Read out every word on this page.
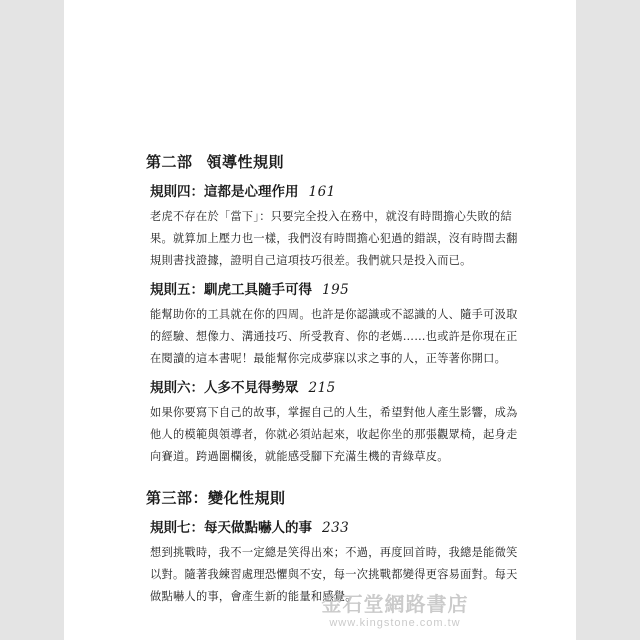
第二部 領導性規則
規則四：這都是心理作用 161

老虎不存在於「當下」：只要完全投入在務中，就沒有時間擔心失敗的結
果。就算加上壓力也一樣，我們沒有時間擔心犯過的錯誤，沒有時間去翻
規則書找證據，證明自己這項技巧很差。我們就只是投入而已。

規則五：馴虎工具隨手可得 195

能幫助你的工具就在你的四周。也許是你認識或不認識的人、隨手可汲取
的經驗、想像力、溝通技巧、所受教育、你的老媽……也或許是你現在正
在閱讀的這本書呢！最能幫你完成夢寐以求之事的人，正等著你開口。

規則六：人多不見得勢眾 215

如果你要寫下自己的故事，掌握自己的人生，希望對他人產生影響，成為
他人的模範與領導者，你就必須站起來，收起你坐的那張觀眾椅，起身走
向賽道。跨過圍欄後，就能感受腳下充滿生機的青綠草皮。

第三部：變化性規則
規則七：每天做點嚇人的事 233

想到挑戰時，我不一定總是笑得出來；不過，再度回首時，我總是能微笑
以對。隨著我練習處理恐懼與不安，每一次挑戰都變得更容易面對。每天
做點嚇人的事，會產生新的能量和感覺。

金石堂網路書店
www.kingstone.com.tw
